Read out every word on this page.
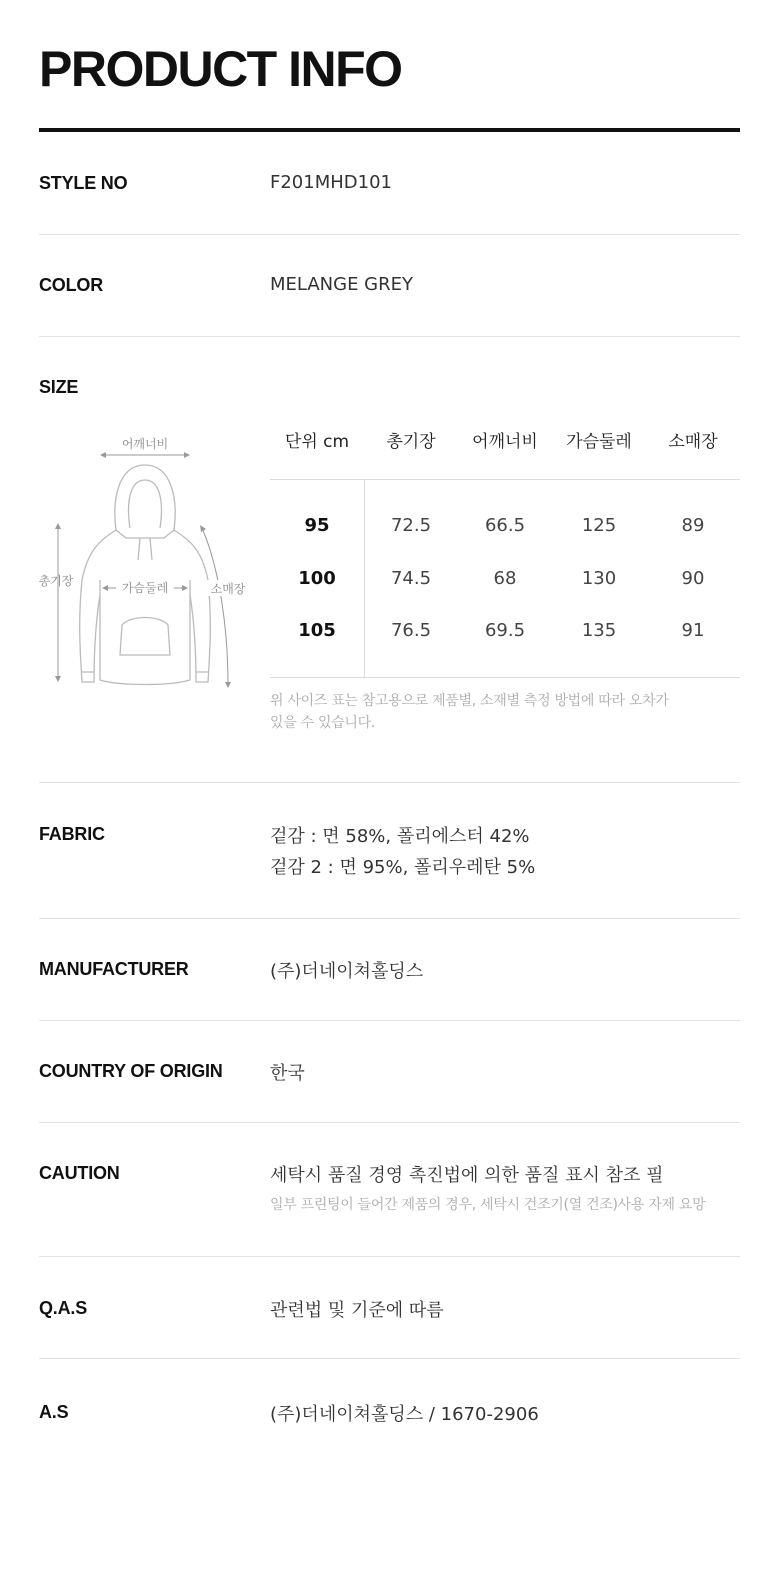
PRODUCT INFO
STYLE NO	F201MHD101
COLOR	MELANGE GREY
SIZE
어깨너비
총기장	가슴둘레	소매장
단위 cm	총기장	어깨너비	가슴둘레	소매장
95	72.5	66.5	125	89
100	74.5	68	130	90
105	76.5	69.5	135	91
위 사이즈 표는 참고용으로 제품별, 소재별 측정 방법에 따라 오차가
있을 수 있습니다.
FABRIC	겉감 : 면 58%, 폴리에스터 42%
겉감 2 : 면 95%, 폴리우레탄 5%
MANUFACTURER	(주)더네이쳐홀딩스
COUNTRY OF ORIGIN	한국
CAUTION	세탁시 품질 경영 촉진법에 의한 품질 표시 참조 필
일부 프린팅이 들어간 제품의 경우, 세탁시 건조기(열 건조)사용 자제 요망
Q.A.S	관련법 및 기준에 따름
A.S	(주)더네이쳐홀딩스 / 1670-2906
